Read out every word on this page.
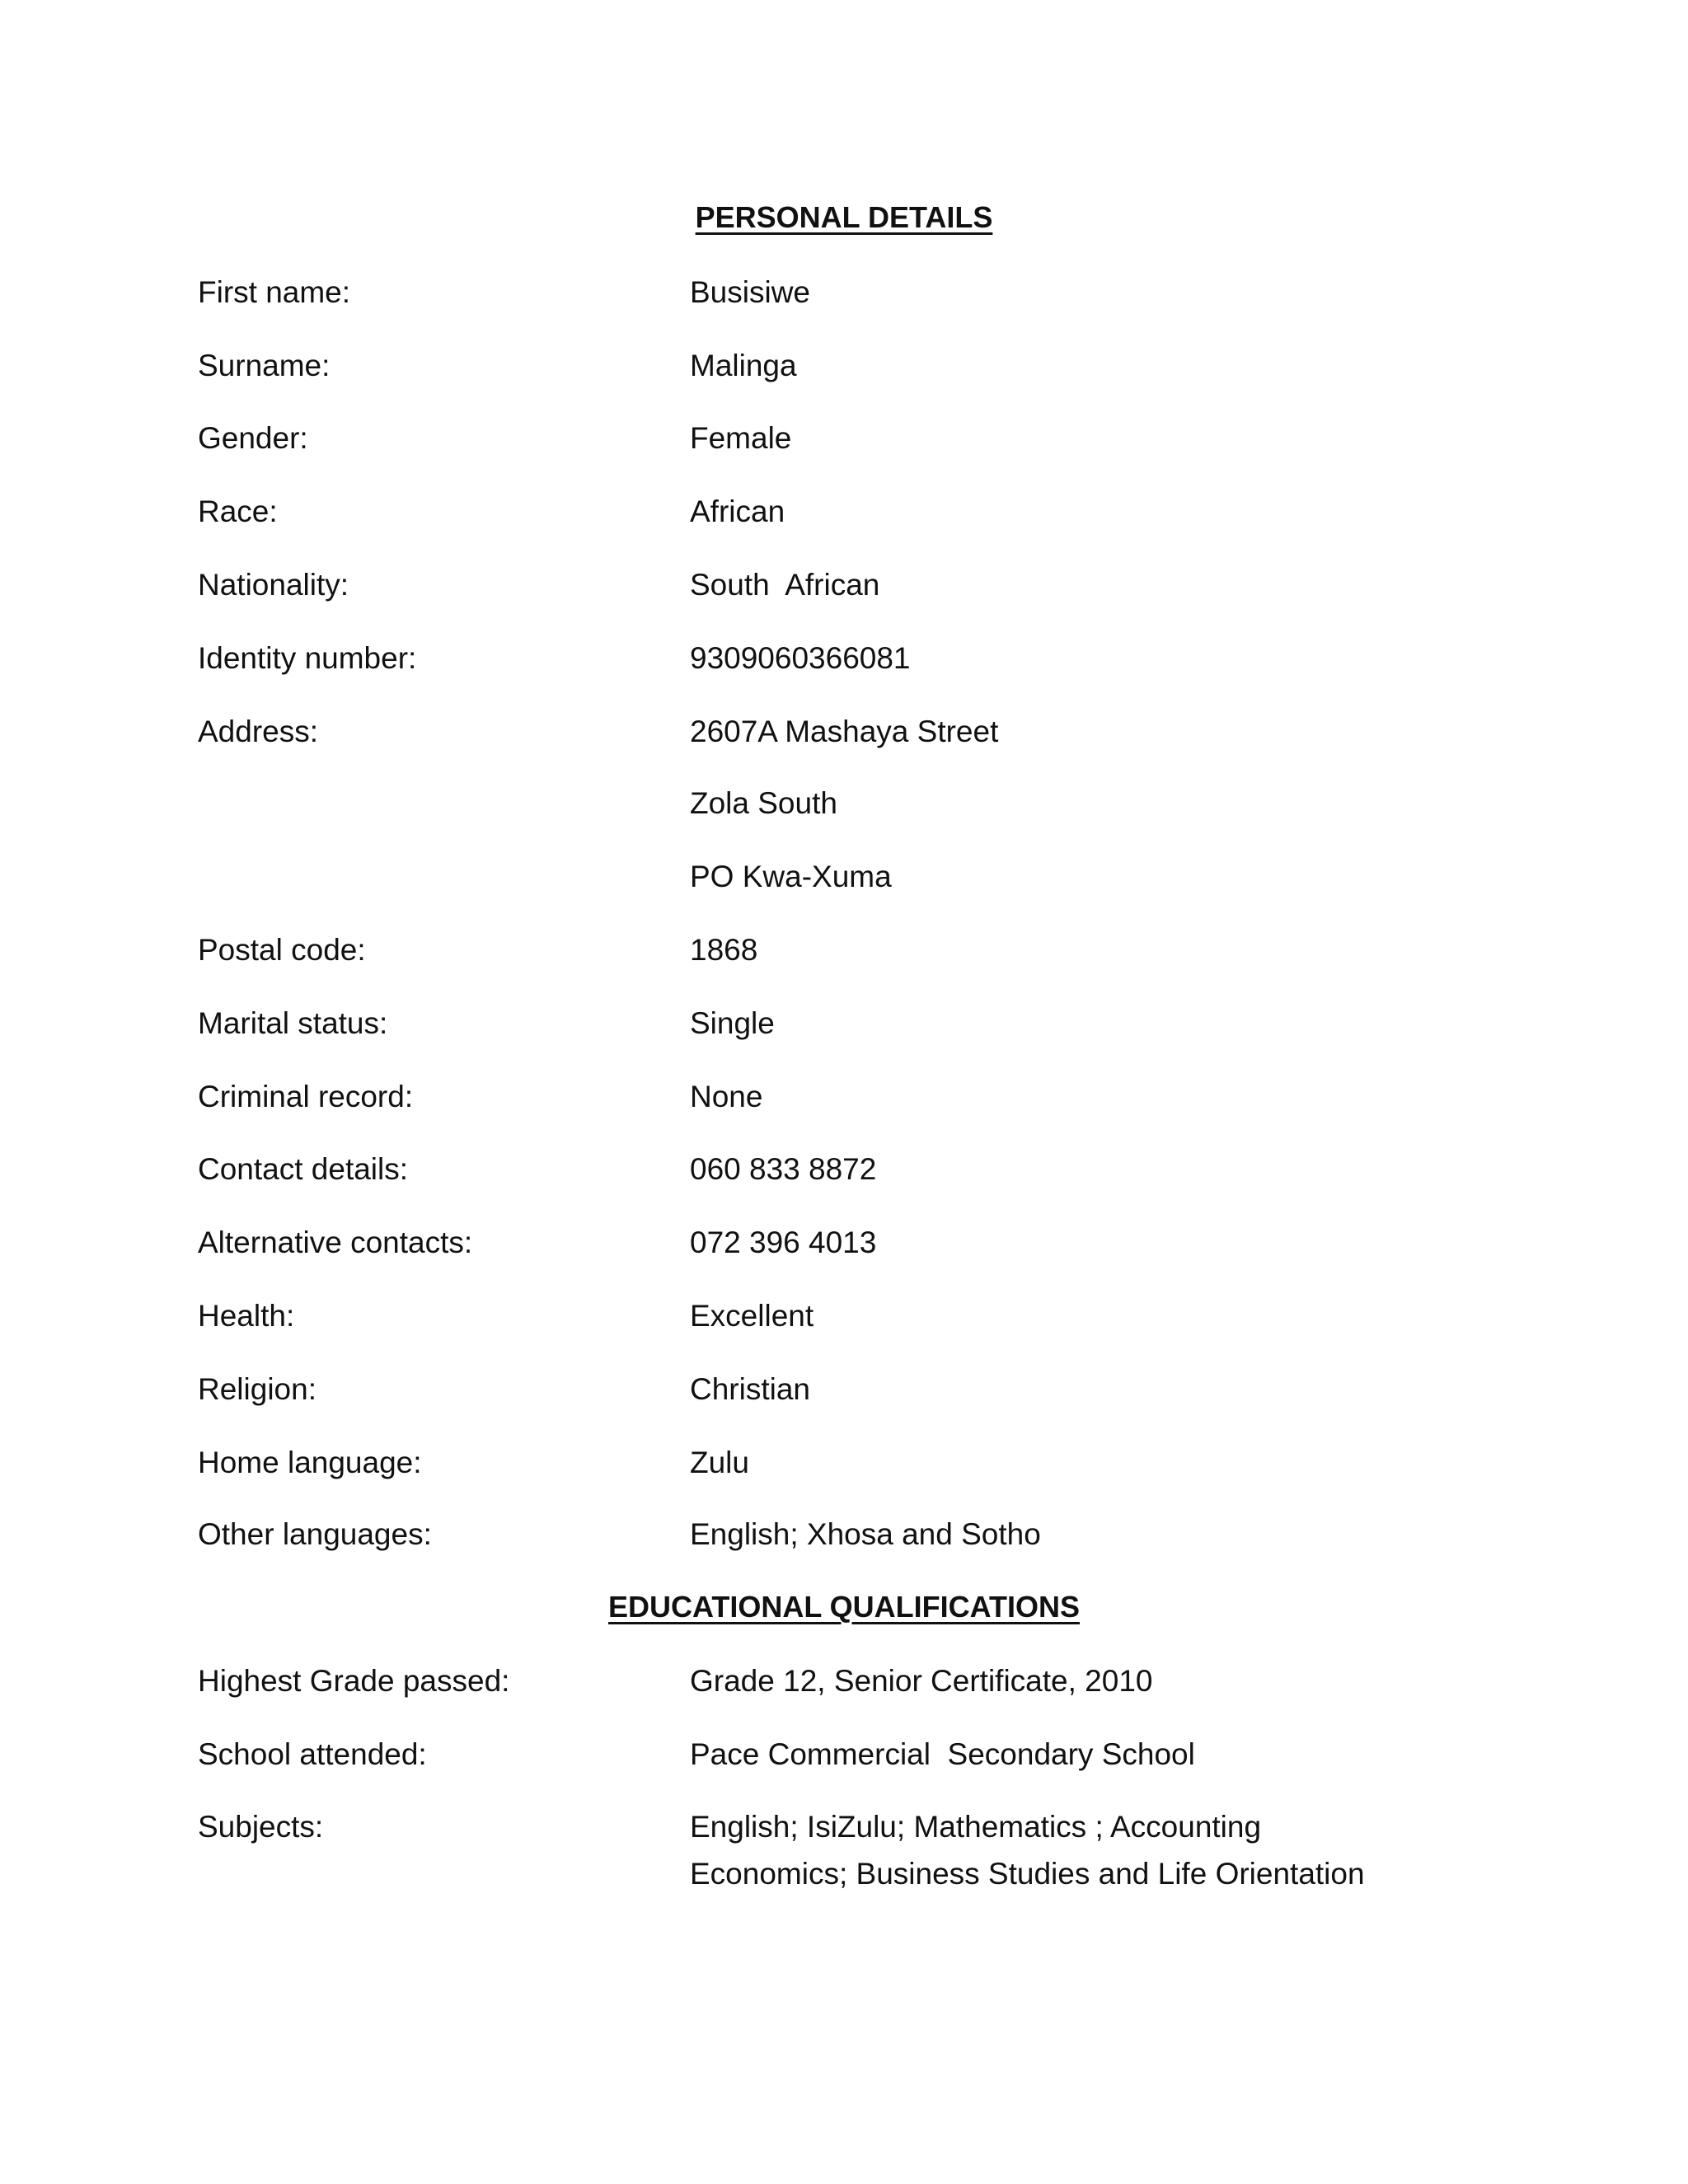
PERSONAL DETAILS
First name:	Busisiwe
Surname:	Malinga
Gender:	Female
Race:	African
Nationality:	South  African
Identity number:	9309060366081
Address:	2607A Mashaya Street
Zola South
PO Kwa-Xuma
Postal code:	1868
Marital status:	Single
Criminal record:	None
Contact details:	060 833 8872
Alternative contacts:	072 396 4013
Health:	Excellent
Religion:	Christian
Home language:	Zulu
Other languages:	English; Xhosa and Sotho
EDUCATIONAL QUALIFICATIONS
Highest Grade passed:	Grade 12, Senior Certificate, 2010
School attended:	Pace Commercial  Secondary School
Subjects:	English; IsiZulu; Mathematics ; Accounting
Economics; Business Studies and Life Orientation
